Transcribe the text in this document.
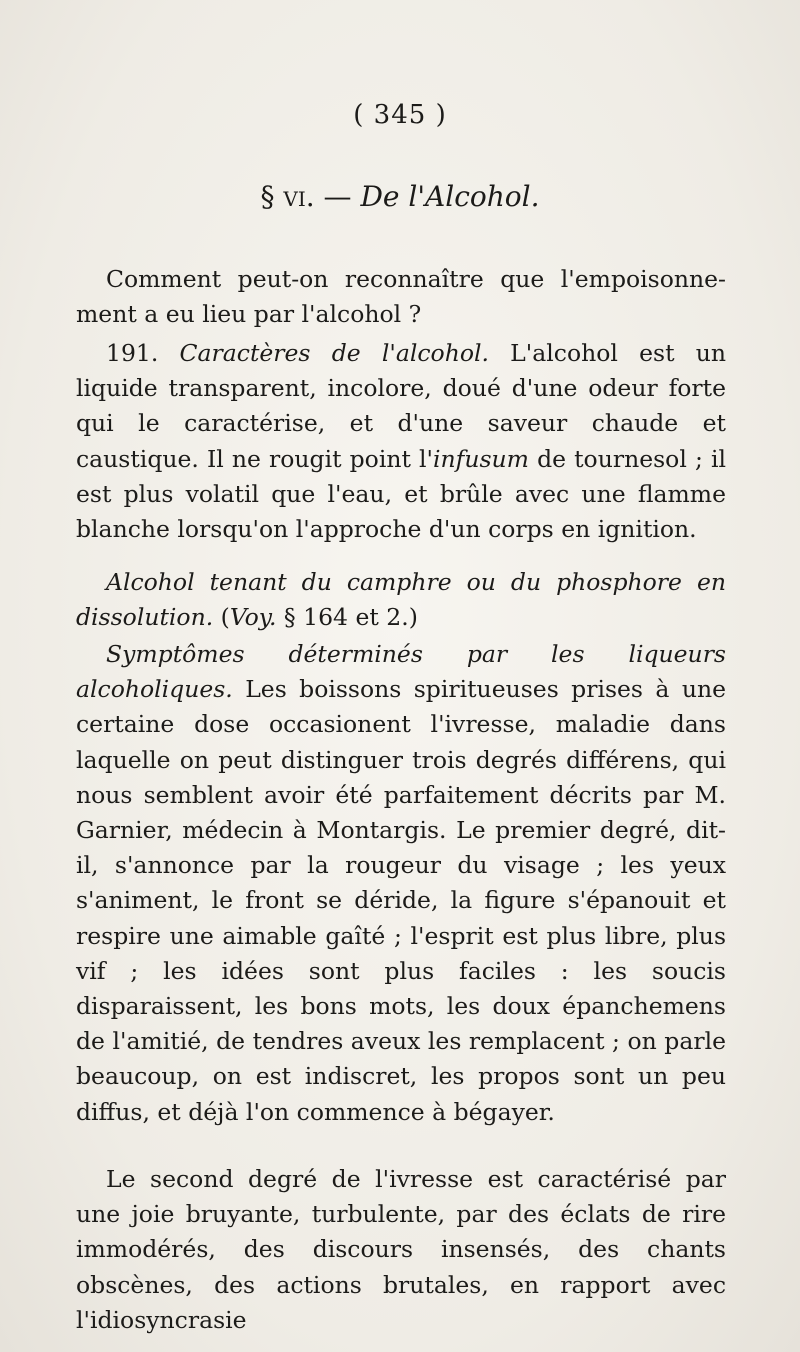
( 345 )
§ vi. — De l'Alcohol.

Comment peut-on reconnaître que l'empoisonne-

ment a eu lieu par l'alcohol ?

191. Caractères de l'alcohol. L'alcohol est un liquide transparent, incolore, doué d'une odeur forte qui le caractérise, et d'une saveur chaude et caustique. Il ne rougit point l'infusum de tournesol ; il est plus volatil que l'eau, et brûle avec une flamme blanche lorsqu'on l'approche d'un corps en ignition.

Alcohol tenant du camphre ou du phosphore en dissolution. (Voy. § 164 et 2.)

Symptômes déterminés par les liqueurs alcoholiques. Les boissons spiritueuses prises à une certaine dose occasionent l'ivresse, maladie dans laquelle on peut distinguer trois degrés différens, qui nous semblent avoir été parfaitement décrits par M. Garnier, médecin à Montargis. Le premier degré, dit-il, s'annonce par la rougeur du visage ; les yeux s'animent, le front se déride, la figure s'épanouit et respire une aimable gaîté ; l'esprit est plus libre, plus vif ; les idées sont plus faciles : les soucis disparaissent, les bons mots, les doux épanchemens de l'amitié, de tendres aveux les remplacent ; on parle beaucoup, on est indiscret, les propos sont un peu diffus, et déjà l'on commence à bégayer.

Le second degré de l'ivresse est caractérisé par une joie bruyante, turbulente, par des éclats de rire immodérés, des discours insensés, des chants obscènes, des actions brutales, en rapport avec l'idiosyncrasie
